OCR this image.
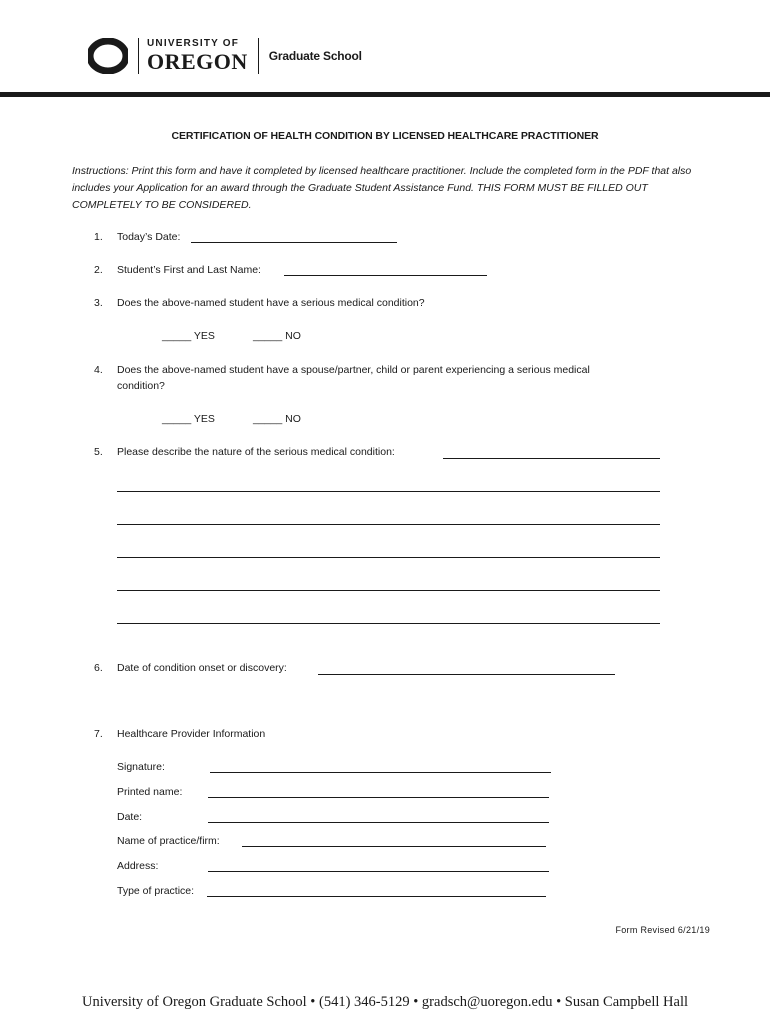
UNIVERSITY OF
OREGON Graduate School
CERTIFICATION OF HEALTH CONDITION BY LICENSED HEALTHCARE PRACTITIONER
Instructions: Print this form and have it completed by licensed healthcare practitioner. Include the completed form in the PDF that also includes your Application for an award through the Graduate Student Assistance Fund. THIS FORM MUST BE FILLED OUT COMPLETELY TO BE CONSIDERED.
1. Today’s Date:
2. Student’s First and Last Name:
3. Does the above-named student have a serious medical condition?
_____ YES	_____ NO
4. Does the above-named student have a spouse/partner, child or parent experiencing a serious medical
condition?
_____ YES	_____ NO
5. Please describe the nature of the serious medical condition:
6. Date of condition onset or discovery:
7. Healthcare Provider Information
Signature:
Printed name:
Date:
Name of practice/firm:
Address:
Type of practice:
Form Revised 6/21/19
University of Oregon Graduate School • (541) 346-5129 • gradsch@uoregon.edu • Susan Campbell Hall
